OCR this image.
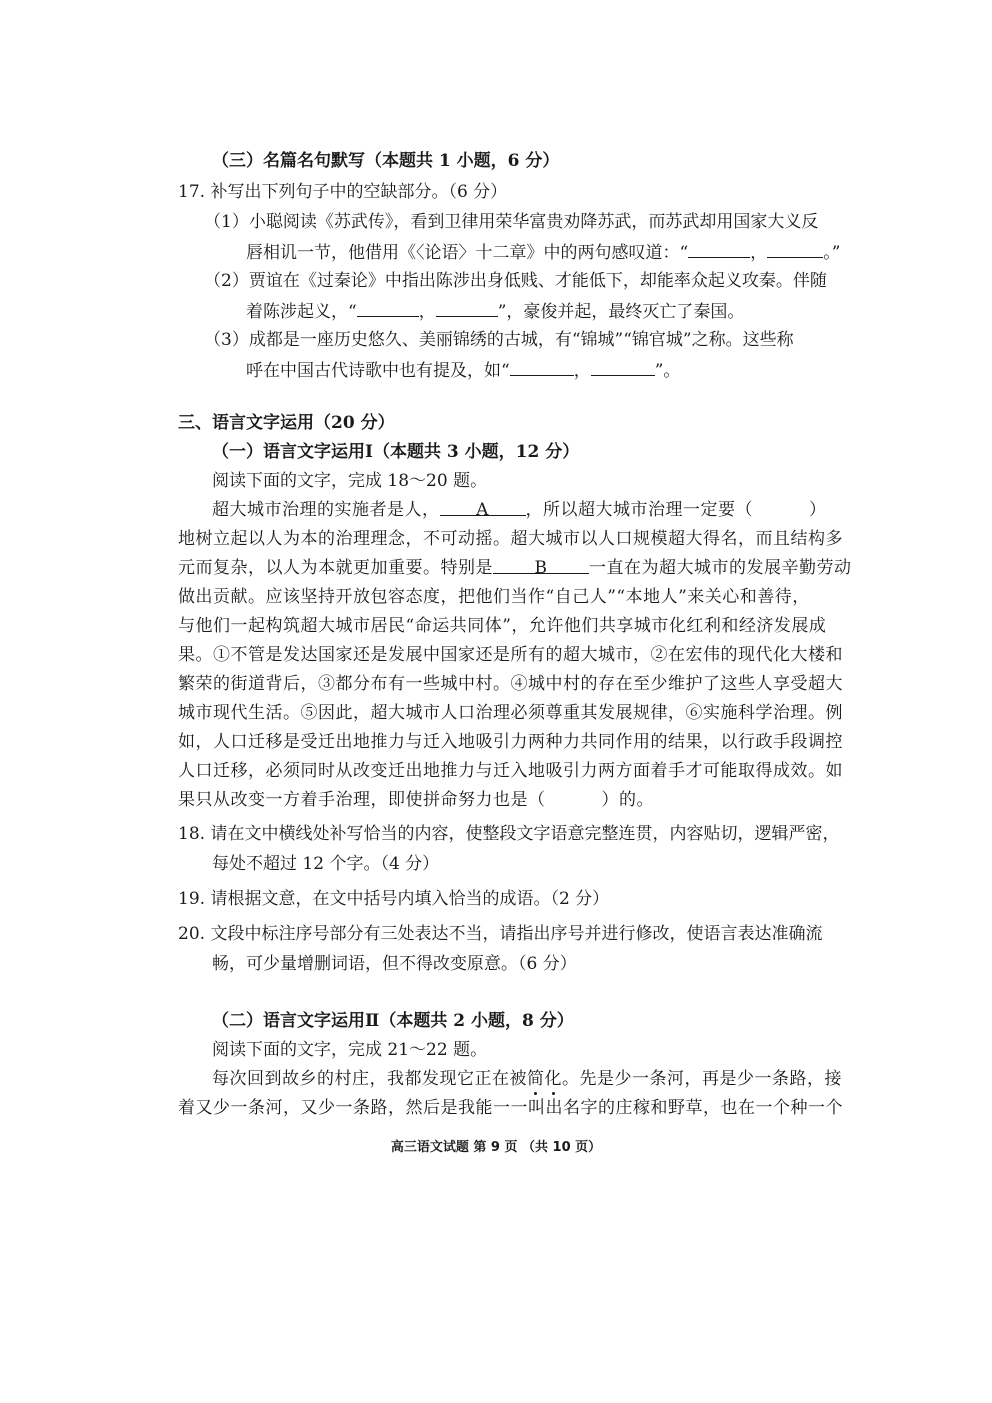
（三）名篇名句默写（本题共 1 小题，6 分）
17. 补写出下列句子中的空缺部分。（6 分）
（1）小聪阅读《苏武传》，看到卫律用荣华富贵劝降苏武，而苏武却用国家大义反
唇相讥一节，他借用《〈论语〉十二章》中的两句感叹道：“	，	。”
（2）贾谊在《过秦论》中指出陈涉出身低贱、才能低下，却能率众起义攻秦。伴随
着陈涉起义，“	，	”，豪俊并起，最终灭亡了秦国。
（3）成都是一座历史悠久、美丽锦绣的古城，有“锦城”“锦官城”之称。这些称
呼在中国古代诗歌中也有提及，如“	，	”。
三、语言文字运用（20 分）
（一）语言文字运用Ⅰ（本题共 3 小题，12 分）
阅读下面的文字，完成 18～20 题。
超大城市治理的实施者是人， A ，所以超大城市治理一定要（	）
地树立起以人为本的治理理念，不可动摇。超大城市以人口规模超大得名，而且结构多
元而复杂，以人为本就更加重要。特别是 B 一直在为超大城市的发展辛勤劳动
做出贡献。应该坚持开放包容态度，把他们当作“自己人”“本地人”来关心和善待，
与他们一起构筑超大城市居民“命运共同体”，允许他们共享城市化红利和经济发展成
果。①不管是发达国家还是发展中国家还是所有的超大城市，②在宏伟的现代化大楼和
繁荣的街道背后，③都分布有一些城中村。④城中村的存在至少维护了这些人享受超大
城市现代生活。⑤因此，超大城市人口治理必须尊重其发展规律，⑥实施科学治理。例
如，人口迁移是受迁出地推力与迁入地吸引力两种力共同作用的结果，以行政手段调控
人口迁移，必须同时从改变迁出地推力与迁入地吸引力两方面着手才可能取得成效。如
果只从改变一方着手治理，即使拼命努力也是（	）的。
18. 请在文中横线处补写恰当的内容，使整段文字语意完整连贯，内容贴切，逻辑严密，
每处不超过 12 个字。（4 分）
19. 请根据文意，在文中括号内填入恰当的成语。（2 分）
20. 文段中标注序号部分有三处表达不当，请指出序号并进行修改，使语言表达准确流
畅，可少量增删词语，但不得改变原意。（6 分）
（二）语言文字运用Ⅱ（本题共 2 小题，8 分）
阅读下面的文字，完成 21～22 题。
每次回到故乡的村庄，我都发现它正在被简化。先是少一条河，再是少一条路，接
着又少一条河，又少一条路，然后是我能一一叫出名字的庄稼和野草，也在一个种一个
高三语文试题 第 9 页 （共 10 页）
